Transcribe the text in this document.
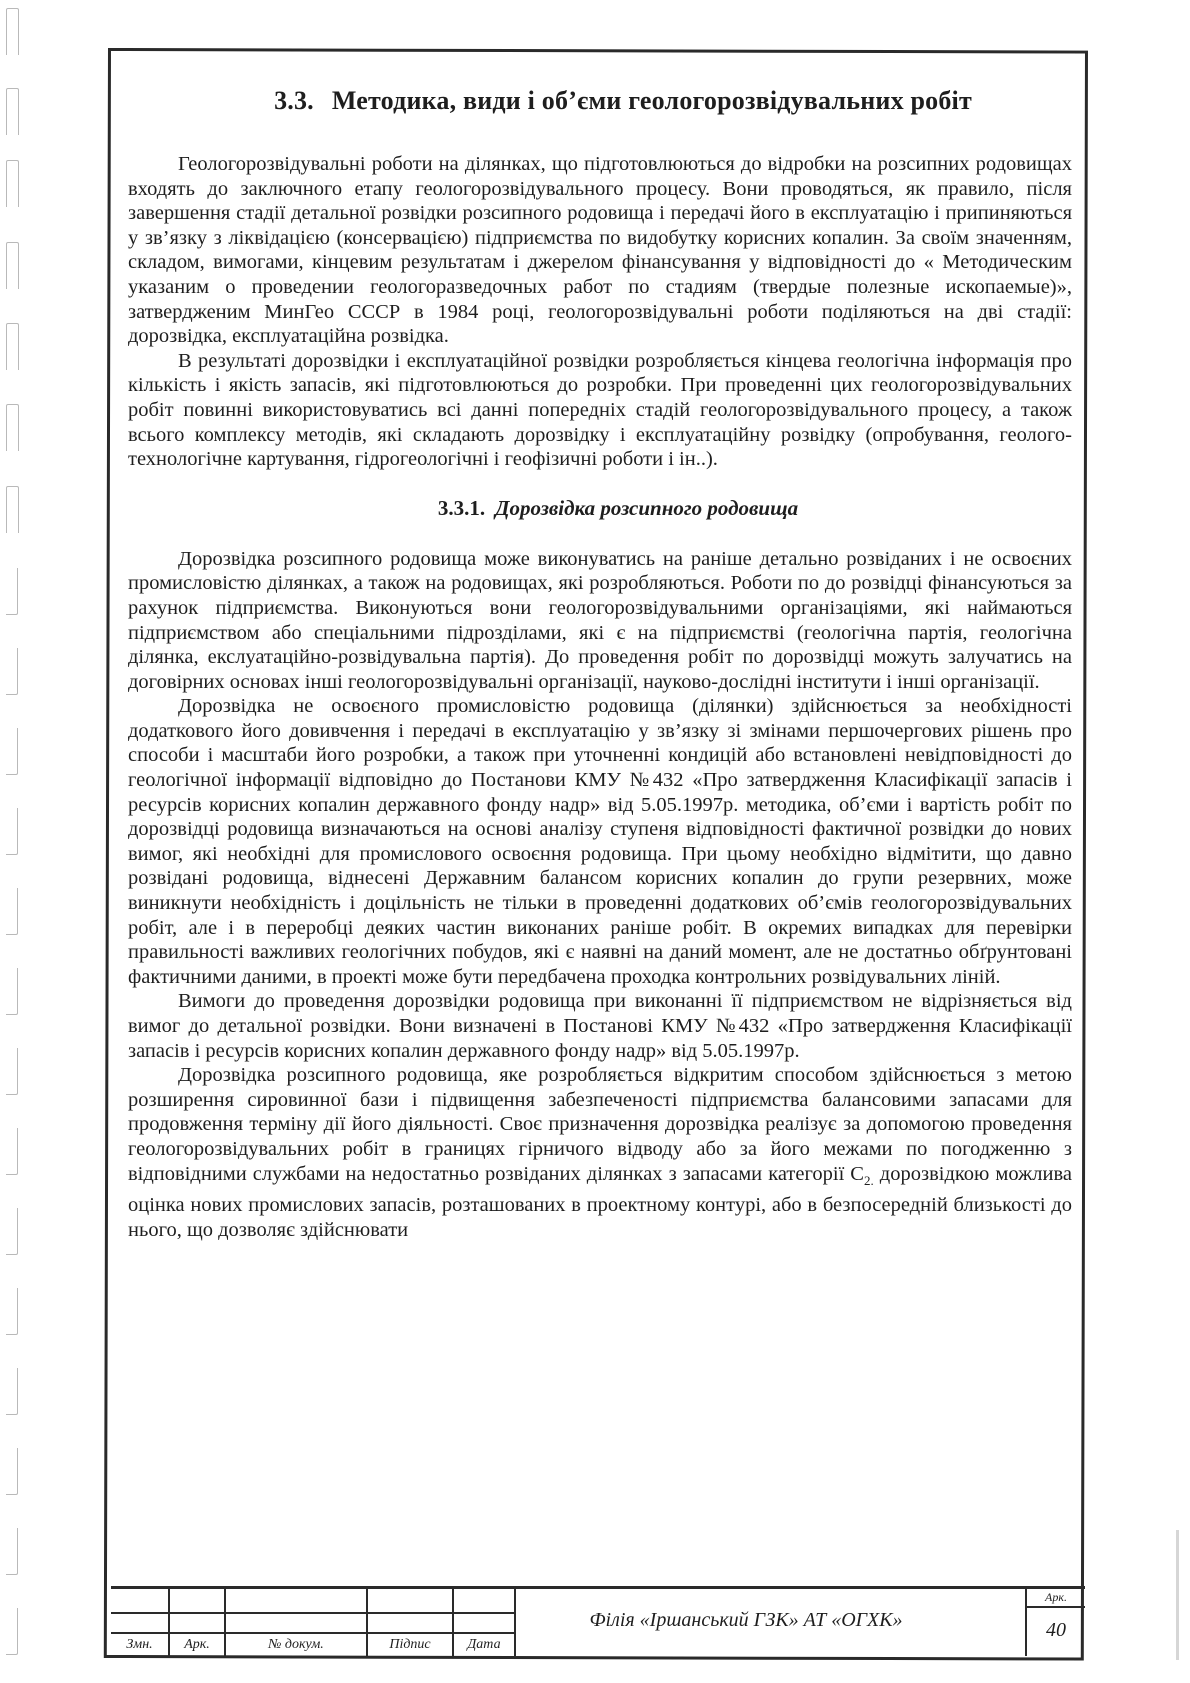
3.3. Методика, види і об’єми геологорозвідувальних робіт

Геологорозвідувальні роботи на ділянках, що підготовлюються до відробки на розсипних родовищах входять до заключного етапу геологорозвідувального процесу. Вони проводяться, як правило, після завершення стадії детальної розвідки розсипного родовища і передачі його в експлуатацію і припиняються у зв’язку з ліквідацією (консервацією) підприємства по видобутку корисних копалин. За своїм значенням, складом, вимогами, кінцевим результатам і джерелом фінансування у відповідності до « Методическим указаним о проведении геологоразведочных работ по стадиям (твердые полезные ископаемые)», затвердженим МинГео СССР в 1984 році, геологорозвідувальні роботи поділяються на дві стадії: дорозвідка, експлуатаційна розвідка.

В результаті дорозвідки і експлуатаційної розвідки розробляється кінцева геологічна інформація про кількість і якість запасів, які підготовлюються до розробки. При проведенні цих геологорозвідувальних робіт повинні використовуватись всі данні попередніх стадій геологорозвідувального процесу, а також всього комплексу методів, які складають дорозвідку і експлуатаційну розвідку (опробування, геолого-технологічне картування, гідрогеологічні і геофізичні роботи і ін..).

3.3.1. Дорозвідка розсипного родовища

Дорозвідка розсипного родовища може виконуватись на раніше детально розвіданих і не освоєних промисловістю ділянках, а також на родовищах, які розробляються. Роботи по до розвідці фінансуються за рахунок підприємства. Виконуються вони геологорозвідувальними організаціями, які наймаються підприємством або спеціальними підрозділами, які є на підприємстві (геологічна партія, геологічна ділянка, екслуатаційно-розвідувальна партія). До проведення робіт по дорозвідці можуть залучатись на договірних основах інші геологорозвідувальні організації, науково-дослідні інститути і інші організації.

Дорозвідка не освоєного промисловістю родовища (ділянки) здійснюється за необхідності додаткового його довивчення і передачі в експлуатацію у зв’язку зі змінами першочергових рішень про способи і масштаби його розробки, а також при уточненні кондицій або встановлені невідповідності до геологічної інформації відповідно до Постанови КМУ №432 «Про затвердження Класифікації запасів і ресурсів корисних копалин державного фонду надр» від 5.05.1997р. методика, об’єми і вартість робіт по дорозвідці родовища визначаються на основі аналізу ступеня відповідності фактичної розвідки до нових вимог, які необхідні для промислового освоєння родовища. При цьому необхідно відмітити, що давно розвідані родовища, віднесені Державним балансом корисних копалин до групи резервних, може виникнути необхідність і доцільність не тільки в проведенні додаткових об’ємів геологорозвідувальних робіт, але і в переробці деяких частин виконаних раніше робіт. В окремих випадках для перевірки правильності важливих геологічних побудов, які є наявні на даний момент, але не достатньо обґрунтовані фактичними даними, в проекті може бути передбачена проходка контрольних розвідувальних ліній.

Вимоги до проведення дорозвідки родовища при виконанні її підприємством не відрізняється від вимог до детальної розвідки. Вони визначені в Постанові КМУ №432 «Про затвердження Класифікації запасів і ресурсів корисних копалин державного фонду надр» від 5.05.1997р.

Дорозвідка розсипного родовища, яке розробляється відкритим способом здійснюється з метою розширення сировинної бази і підвищення забезпеченості підприємства балансовими запасами для продовження терміну дії його діяльності. Своє призначення дорозвідка реалізує за допомогою проведення геологорозвідувальних робіт в границях гірничого відводу або за його межами по погодженню з відповідними службами на недостатньо розвіданих ділянках з запасами категорії $С_{2.}$ дорозвідкою можлива оцінка нових промислових запасів, розташованих в проектному контурі, або в безпосередній близькості до нього, що дозволяє здійснювати

Змн.	Арк.	№ докум.	Підпис	Дата
Філія «Іршанський ГЗК» АТ «ОГХК»
Арк.
40
